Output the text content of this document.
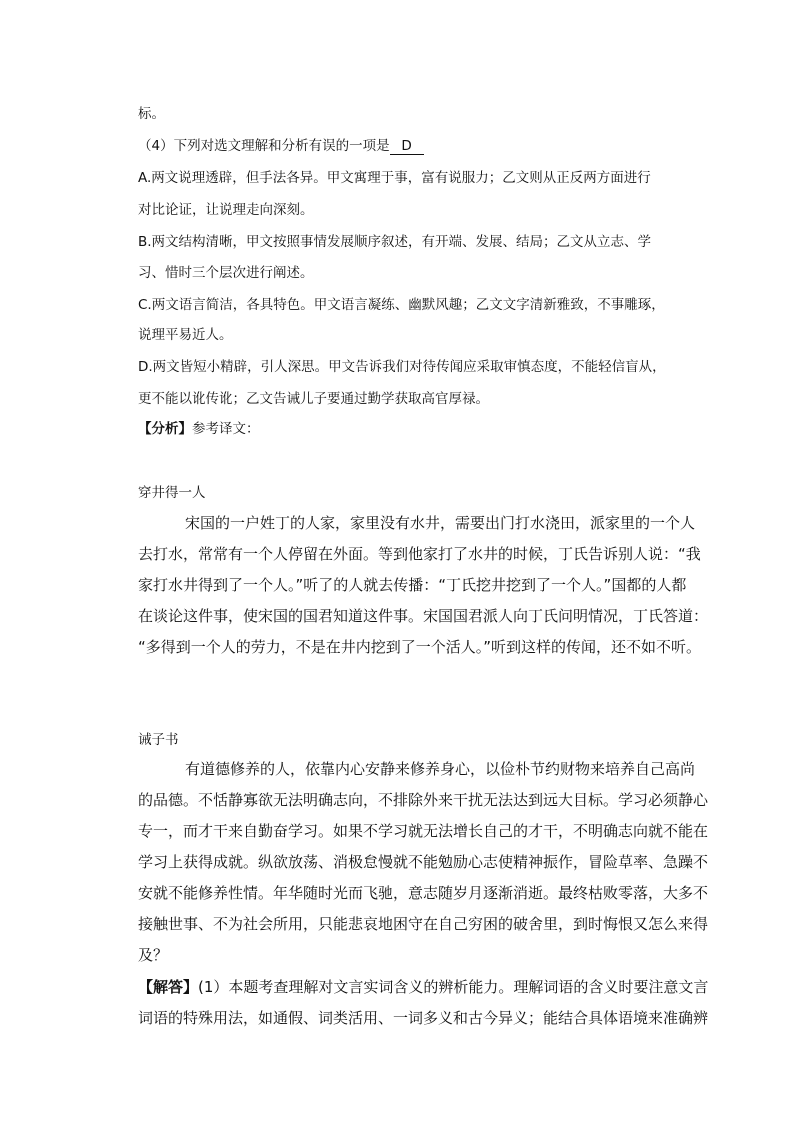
标。
（4）下列对选文理解和分析有误的一项是 D
A.两文说理透辟，但手法各异。甲文寓理于事，富有说服力；乙文则从正反两方面进行
对比论证，让说理走向深刻。
B.两文结构清晰，甲文按照事情发展顺序叙述，有开端、发展、结局；乙文从立志、学
习、惜时三个层次进行阐述。
C.两文语言简洁，各具特色。甲文语言凝练、幽默风趣；乙文文字清新雅致，不事雕琢，
说理平易近人。
D.两文皆短小精辟，引人深思。甲文告诉我们对待传闻应采取审慎态度，不能轻信盲从，
更不能以讹传讹；乙文告诫儿子要通过勤学获取高官厚禄。
【分析】参考译文：
穿井得一人
宋国的一户姓丁的人家，家里没有水井，需要出门打水浇田，派家里的一个人
去打水，常常有一个人停留在外面。等到他家打了水井的时候，丁氏告诉别人说：“我
家打水井得到了一个人。”听了的人就去传播：“丁氏挖井挖到了一个人。”国都的人都
在谈论这件事，使宋国的国君知道这件事。宋国国君派人向丁氏问明情况，丁氏答道：
“多得到一个人的劳力，不是在井内挖到了一个活人。”听到这样的传闻，还不如不听。
诫子书
有道德修养的人，依靠内心安静来修养身心，以俭朴节约财物来培养自己高尚
的品德。不恬静寡欲无法明确志向，不排除外来干扰无法达到远大目标。学习必须静心
专一，而才干来自勤奋学习。如果不学习就无法增长自己的才干，不明确志向就不能在
学习上获得成就。纵欲放荡、消极怠慢就不能勉励心志使精神振作，冒险草率、急躁不
安就不能修养性情。年华随时光而飞驰，意志随岁月逐渐消逝。最终枯败零落，大多不
接触世事、不为社会所用，只能悲哀地困守在自己穷困的破舍里，到时悔恨又怎么来得
及？
【解答】(1）本题考查理解对文言实词含义的辨析能力。理解词语的含义时要注意文言
词语的特殊用法，如通假、词类活用、一词多义和古今异义；能结合具体语境来准确辨
